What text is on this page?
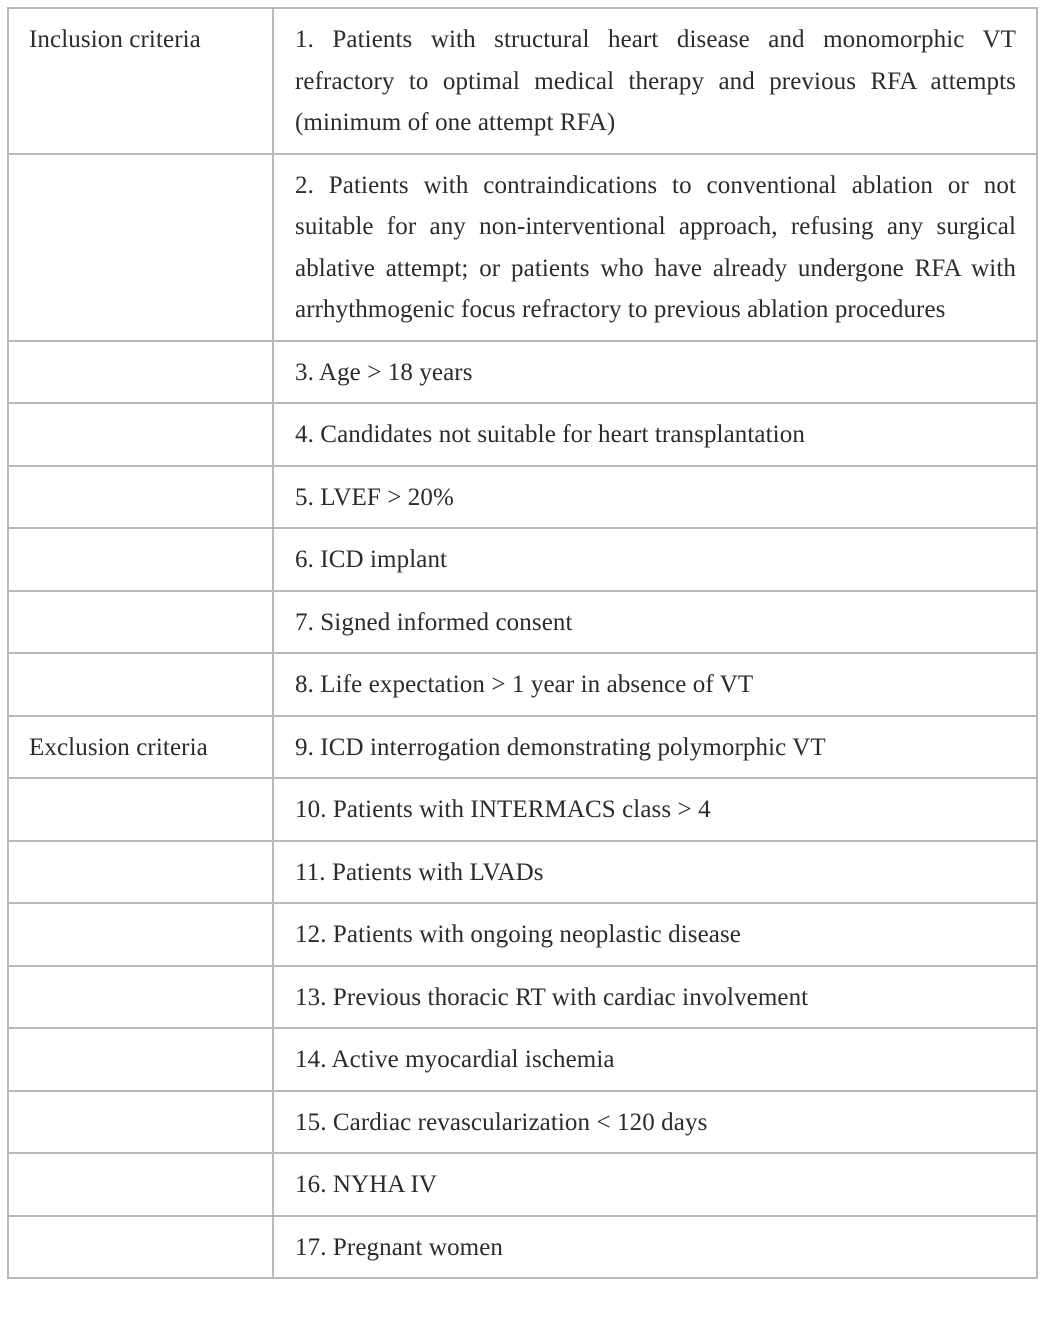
Inclusion criteria	1. Patients with structural heart disease and monomorphic VT refractory to optimal medical therapy and previous RFA attempts (minimum of one attempt RFA)
	2. Patients with contraindications to conventional ablation or not suitable for any non-interventional approach, refusing any surgical ablative attempt; or patients who have already undergone RFA with arrhythmogenic focus refractory to previous ablation procedures
	3. Age > 18 years
	4. Candidates not suitable for heart transplantation
	5. LVEF > 20%
	6. ICD implant
	7. Signed informed consent
	8. Life expectation > 1 year in absence of VT
Exclusion criteria	9. ICD interrogation demonstrating polymorphic VT
	10. Patients with INTERMACS class > 4
	11. Patients with LVADs
	12. Patients with ongoing neoplastic disease
	13. Previous thoracic RT with cardiac involvement
	14. Active myocardial ischemia
	15. Cardiac revascularization < 120 days
	16. NYHA IV
	17. Pregnant women
